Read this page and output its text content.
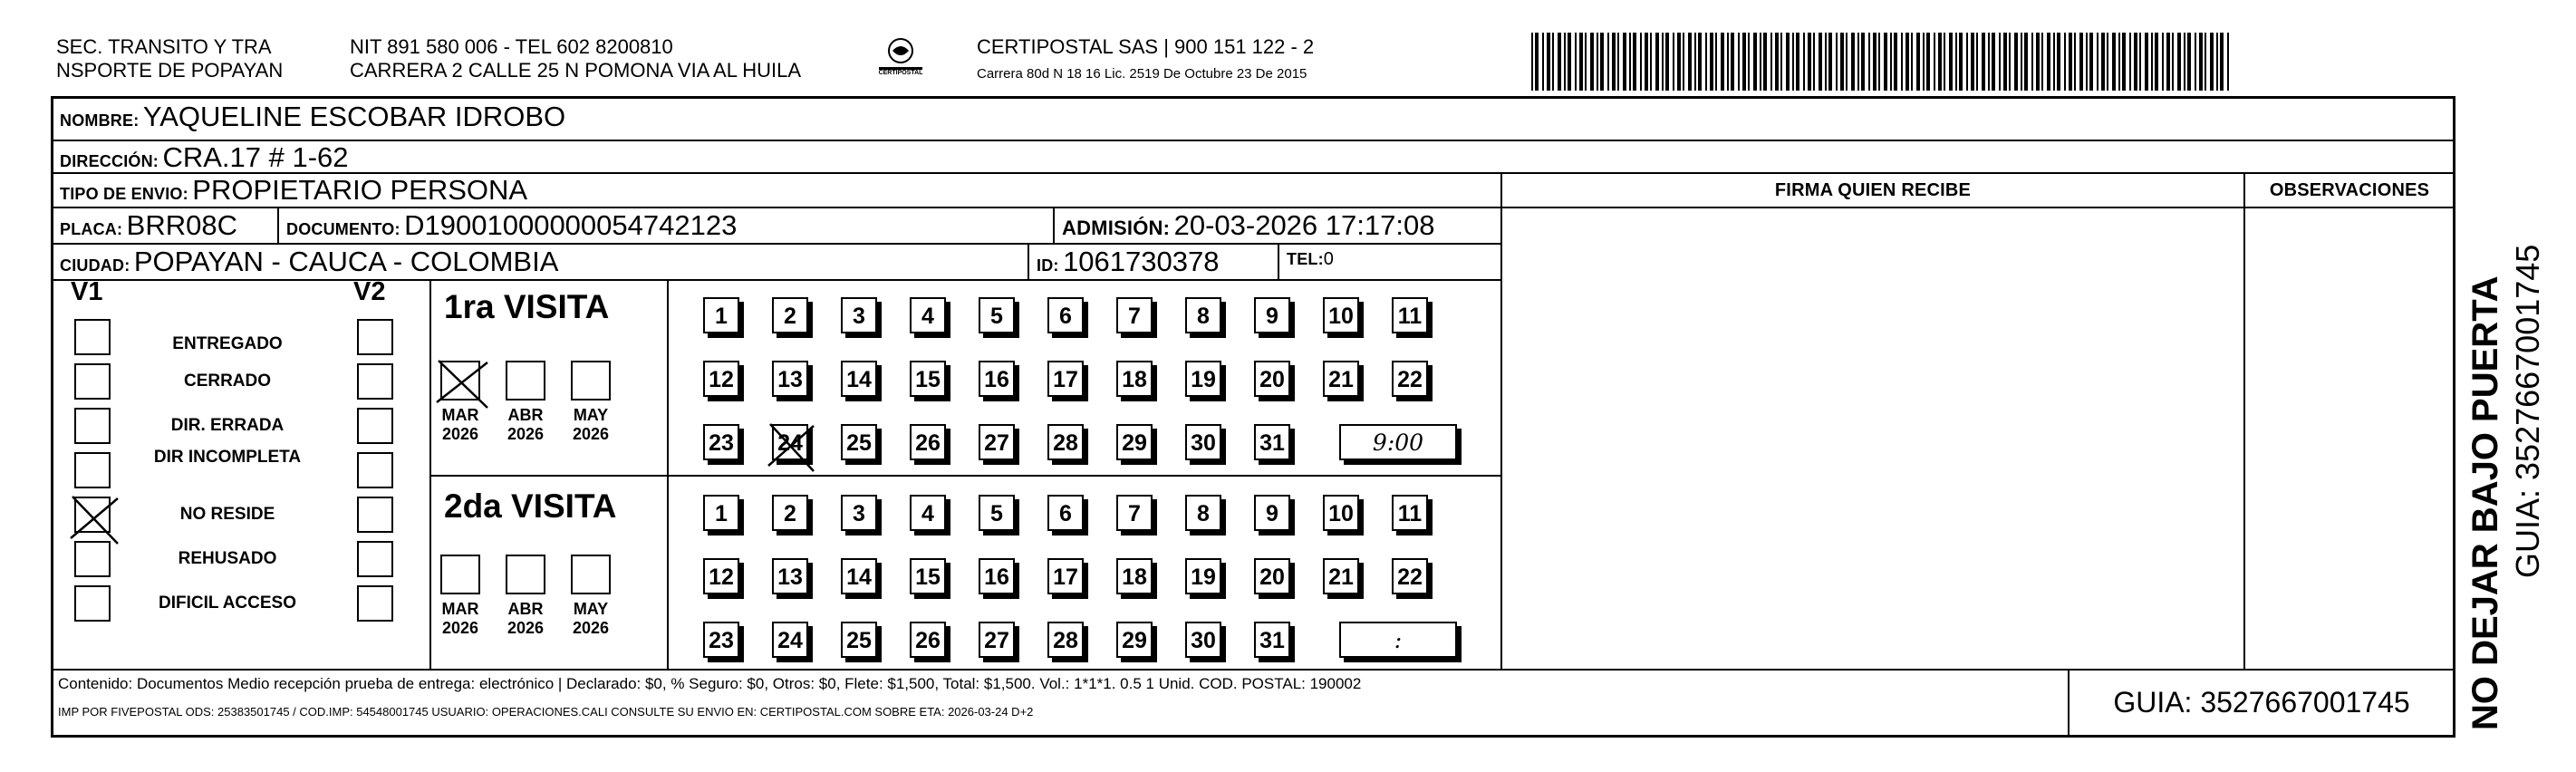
SEC. TRANSITO Y TRA
NSPORTE DE POPAYAN
NIT 891 580 006 - TEL 602 8200810
CARRERA 2 CALLE 25 N POMONA VIA AL HUILA	CERTIPOSTAL
CERTIPOSTAL SAS | 900 151 122 - 2
Carrera 80d N 18 16 Lic. 2519 De Octubre 23 De 2015
NOMBRE: YAQUELINE ESCOBAR IDROBO
DIRECCIÓN: CRA.17 # 1-62
TIPO DE ENVIO: PROPIETARIO PERSONA	FIRMA QUIEN RECIBE	OBSERVACIONES
PLACA: BRR08C	DOCUMENTO: D19001000000054742123	ADMISIÓN: 20-03-2026 17:17:08
CIUDAD: POPAYAN - CAUCA - COLOMBIA	ID: 1061730378	TEL:0
V1	V2
ENTREGADO
CERRADO
DIR. ERRADA
DIR INCOMPLETA
NO RESIDE
REHUSADO
DIFICIL ACCESO
1ra VISITA
MAR
2026
ABR
2026
MAY
2026
1	2	3	4	5	6	7	8	9	10 11
12 13 14 15 16 17 18 19 20 21 22
23 24 25 26 27 28 29 30 31	9:00
2da VISITA
MAR
2026
ABR
2026
MAY
2026
1	2	3	4	5	6	7	8	9	10 11
12 13 14 15 16 17 18 19 20 21 22
23 24 25 26 27 28 29 30 31	:
Contenido: Documentos Medio recepción prueba de entrega: electrónico | Declarado: $0, % Seguro: $0, Otros: $0, Flete: $1,500, Total: $1,500. Vol.: 1*1*1. 0.5 1 Unid. COD. POSTAL: 190002
IMP POR FIVEPOSTAL ODS: 25383501745 / COD.IMP: 54548001745 USUARIO: OPERACIONES.CALI CONSULTE SU ENVIO EN: CERTIPOSTAL.COM SOBRE ETA: 2026-03-24 D+2	GUIA: 3527667001745	NO DEJAR BAJO PUERTA GUIA: 3527667001745
